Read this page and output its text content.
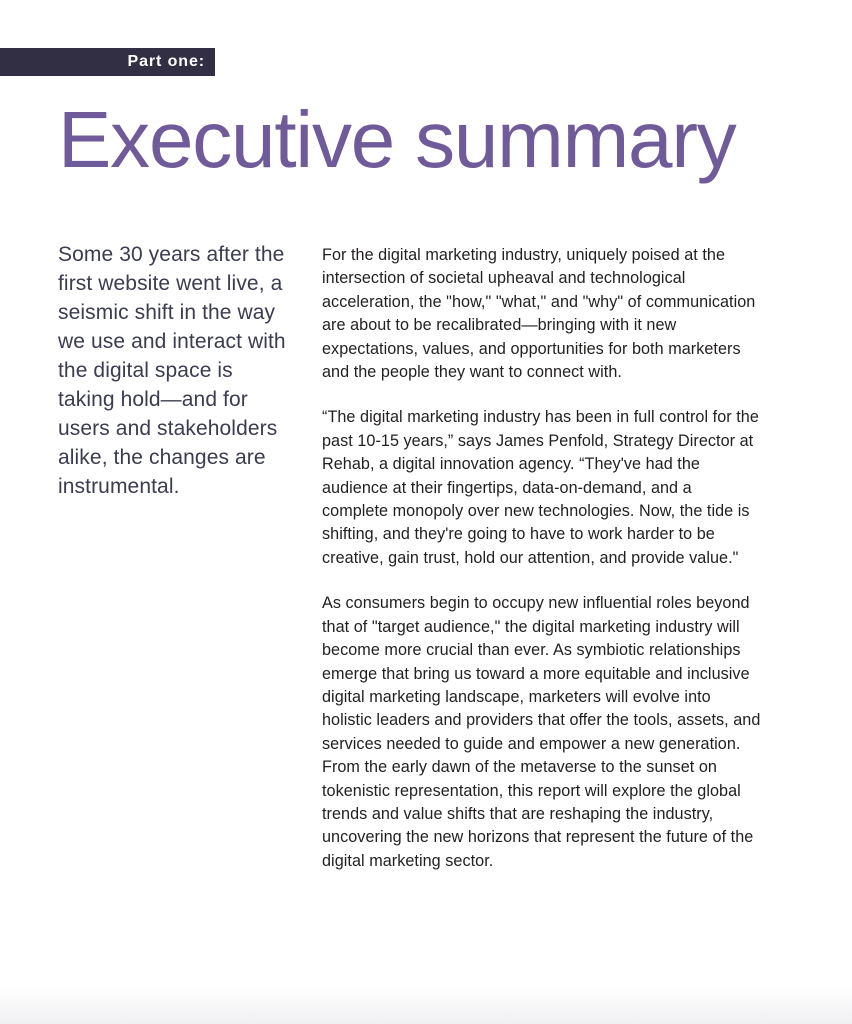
Part one:
Executive summary

Some 30 years after the first website went live, a seismic shift in the way we use and interact with the digital space is taking hold—and for users and stakeholders alike, the changes are instrumental.

For the digital marketing industry, uniquely poised at the intersection of societal upheaval and technological acceleration, the "how," "what," and "why" of communication are about to be recalibrated—bringing with it new expectations, values, and opportunities for both marketers and the people they want to connect with.

“The digital marketing industry has been in full control for the past 10-15 years,” says James Penfold, Strategy Director at Rehab, a digital innovation agency. “They've had the audience at their fingertips, data-on-demand, and a complete monopoly over new technologies. Now, the tide is shifting, and they're going to have to work harder to be creative, gain trust, hold our attention, and provide value."

As consumers begin to occupy new influential roles beyond that of "target audience," the digital marketing industry will become more crucial than ever. As symbiotic relationships emerge that bring us toward a more equitable and inclusive digital marketing landscape, marketers will evolve into holistic leaders and providers that offer the tools, assets, and services needed to guide and empower a new generation. From the early dawn of the metaverse to the sunset on tokenistic representation, this report will explore the global trends and value shifts that are reshaping the industry, uncovering the new horizons that represent the future of the digital marketing sector.
